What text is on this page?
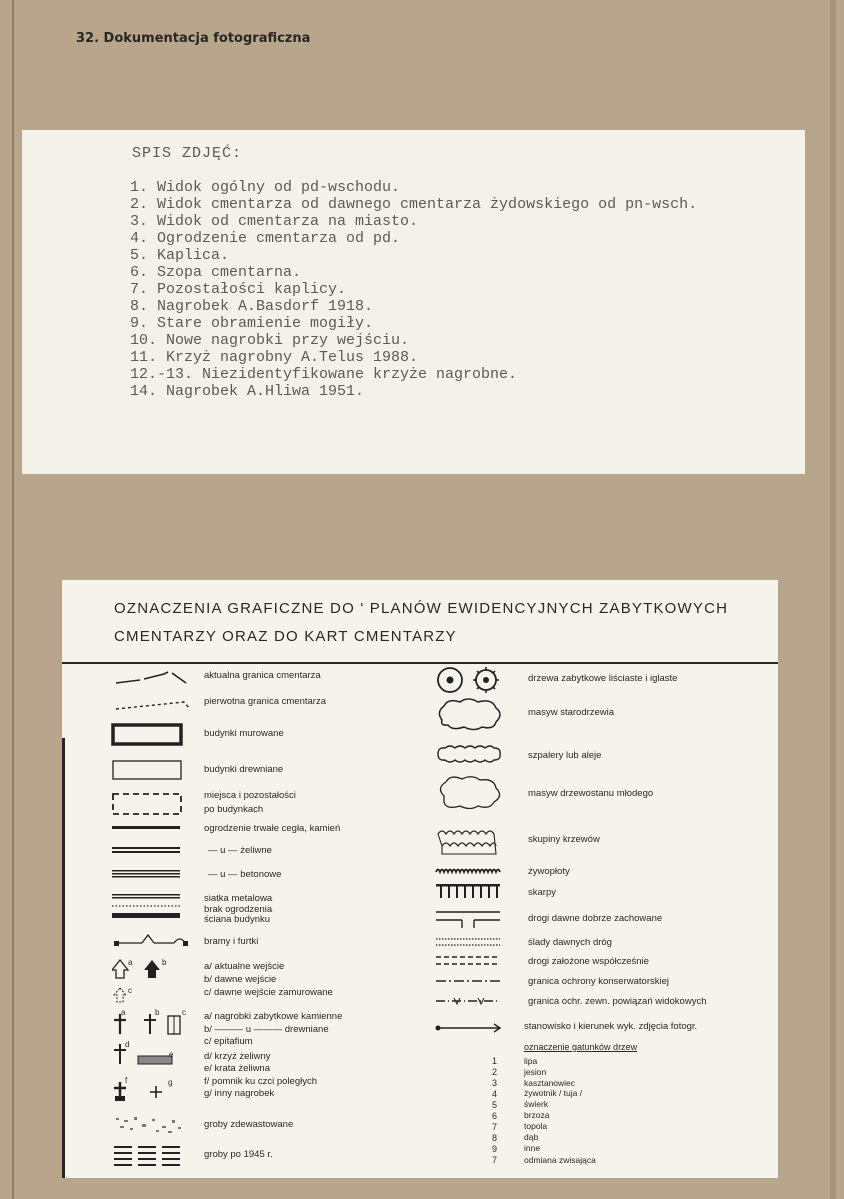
32. Dokumentacja fotograficzna
SPIS ZDJĘĆ:
1. Widok ogólny od pd-wschodu.
2. Widok cmentarza od dawnego cmentarza żydowskiego od pn-wsch.
3. Widok od cmentarza na miasto.
4. Ogrodzenie cmentarza od pd.
5. Kaplica.
6. Szopa cmentarna.
7. Pozostałości kaplicy.
8. Nagrobek A.Basdorf 1918.
9. Stare obramienie mogiły.
10. Nowe nagrobki przy wejściu.
11. Krzyż nagrobny A.Telus 1988.
12.-13. Niezidentyfikowane krzyże nagrobne.
14. Nagrobek A.Hliwa 1951.
OZNACZENIA GRAFICZNE DO ' PLANÓW EWIDENCYJNYCH ZABYTKOWYCH
CMENTARZY ORAZ DO KART CMENTARZY
aktualna granica cmentarza
pierwotna granica cmentarza
budynki murowane
budynki drewniane
miejsca i pozostałości
po budynkach
ogrodzenie trwałe cegła, kamień
— u — żeliwne
— u — betonowe
siatka metalowa
brak ogrodzenia
ściana budynku
bramy i furtki
a	b
c
a/ aktualne wejście
b/ dawne wejście
c/ dawne wejście zamurowane
a	b	c
d
e
f	g
a/ nagrobki zabytkowe kamienne
b/ ——— u ——— drewniane
c/ epitafium
d/ krzyż żeliwny
e/ krata żeliwna
f/ pomnik ku czci poległych
g/ inny nagrobek
groby zdewastowane
groby po 1945 r.
drzewa zabytkowe liściaste i iglaste
masyw starodrzewia
szpalery lub aleje
masyw drzewostanu młodego
skupiny krzewów
żywopłoty
skarpy
drogi dawne dobrze zachowane
ślady dawnych dróg
drogi założone współcześnie
granica ochrony konserwatorskiej
granica ochr. zewn. powiązań widokowych
stanowisko i kierunek wyk. zdjęcia fotogr.
oznaczenie gatunków drzew
1	lipa
2	jesion
3	kasztanowiec
4	żywotnik / tuja /
5	świerk
6	brzoza
7	topola
8	dąb
9	inne
7	odmiana zwisająca
